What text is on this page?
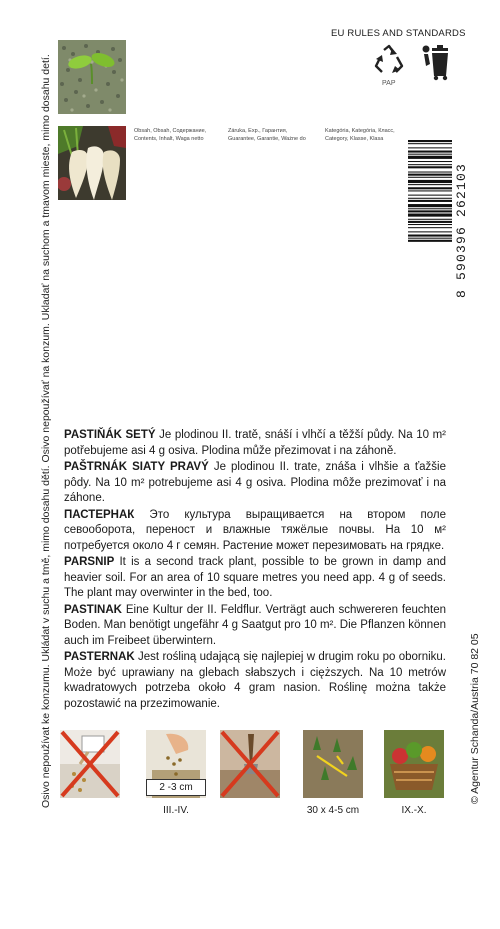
Osivo nepoužívat ke konzumu. Ukládat v suchu a tmě, mimo dosahu dětí. Osivo nepoužívať na konzum. Ukladať na suchom a tmavom mieste, mimo dosahu detí.	Obsah, Obsah, Содержание,
Contents, Inhalt, Waga netto
Záruka, Exp., Гарантия,
Guarantee, Garantie, Ważne do
Kategória, Kategória, Класс,
Category, Klasse, Klasa
EU RULES AND STANDARDS
PAP
8 590396 262103

PASTIŇÁK SETÝ Je plodinou II. tratě, snáší i vlhčí a těžší půdy. Na 10 m² potřebujeme asi 4 g osiva. Plodina může přezimovat i na záhoně.

PAŠTRNÁK SIATY PRAVÝ Je plodinou II. trate, znáša i vlhšie a ťažšie pôdy. Na 10 m² potrebujeme asi 4 g osiva. Plodina môže prezimovať i na záhone.

ПАСТЕРНАК Это культура выращивается на втором поле севооборота, перенoст и влажные тяжёлые почвы. На 10 м² потребуется около 4 г семян. Растение может перезимовать на грядке.

PARSNIP It is a second track plant, possible to be grown in damp and heavier soil. For an area of 10 square metres you need app. 4 g of seeds. The plant may overwinter in the bed, too.

PASTINAK Eine Kultur der II. Feldflur. Verträgt auch schwereren feuchten Boden. Man benötigt ungefähr 4 g Saatgut pro 10 m². Die Pflanzen können auch im Freibeet überwintern.

PASTERNAK Jest rośliną udającą się najlepiej w drugim roku po oborniku. Może być uprawiany na glebach słabszych i cięższych. Na 10 metrów kwadratowych potrzeba około 4 gram nasion. Roślinę można także pozostawić na przezimowanie.

2 -3 cm
III.-IV.	30 x 4-5 cm	IX.-X.
© Agentur Schanda/Austria 70 82 05
